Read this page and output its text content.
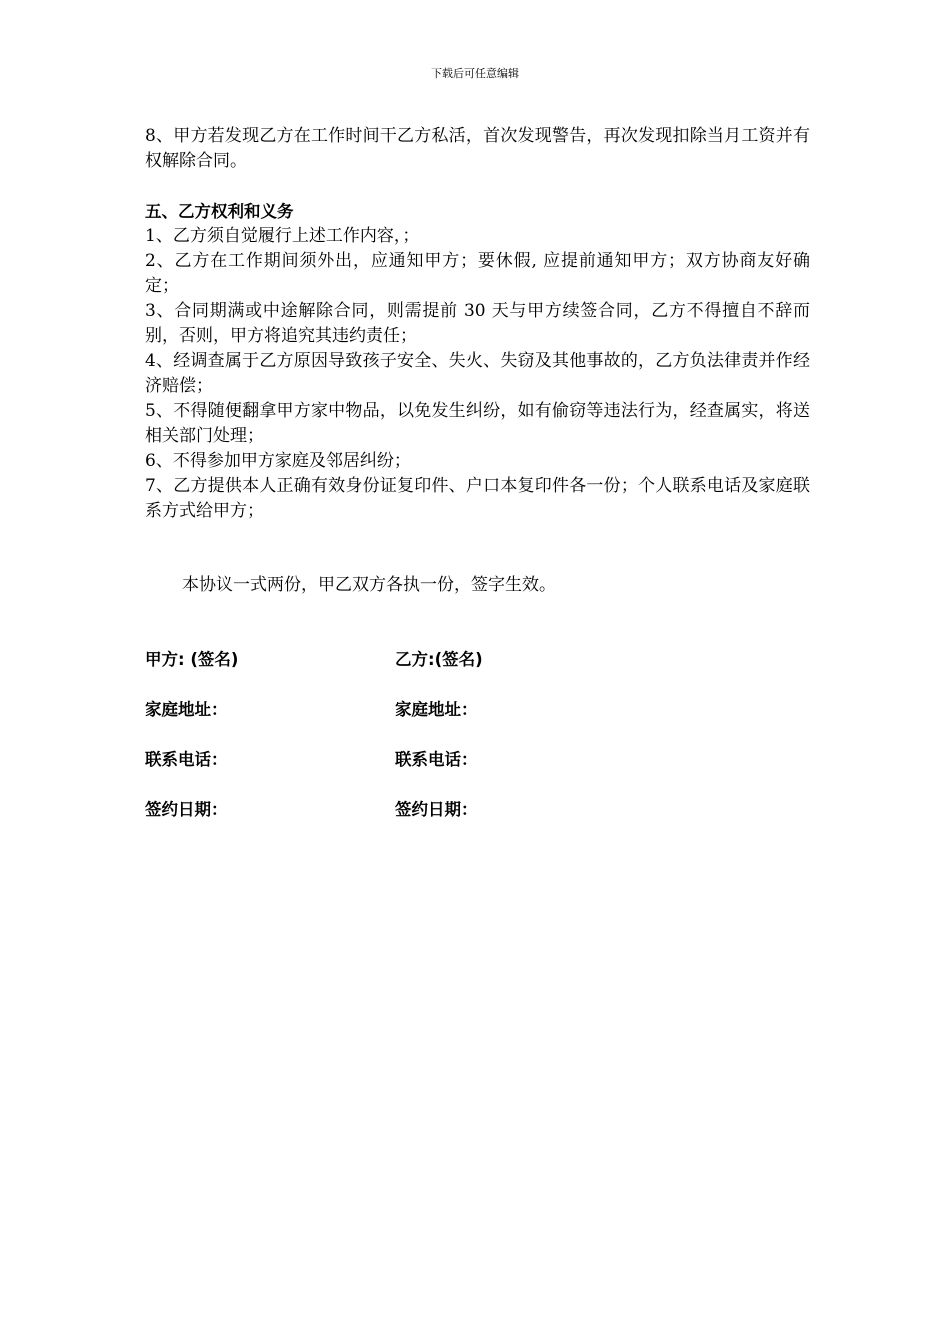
下载后可任意编辑

8、甲方若发现乙方在工作时间干乙方私活，首次发现警告，再次发现扣除当月工资并有权解除合同。

五、乙方权利和义务

1、乙方须自觉履行上述工作内容，；

2、乙方在工作期间须外出，应通知甲方；要休假, 应提前通知甲方；双方协商友好确定；

3、合同期满或中途解除合同，则需提前 30 天与甲方续签合同，乙方不得擅自不辞而别，否则，甲方将追究其违约责任；

4、经调查属于乙方原因导致孩子安全、失火、失窃及其他事故的，乙方负法律责并作经济赔偿；

5、不得随便翻拿甲方家中物品，以免发生纠纷，如有偷窃等违法行为，经查属实，将送相关部门处理；

6、不得参加甲方家庭及邻居纠纷；

7、乙方提供本人正确有效身份证复印件、户口本复印件各一份；个人联系电话及家庭联系方式给甲方；

本协议一式两份，甲乙双方各执一份，签字生效。

甲方: (签名)	乙方:(签名)
家庭地址：	家庭地址：
联系电话：	联系电话：
签约日期：	签约日期：
